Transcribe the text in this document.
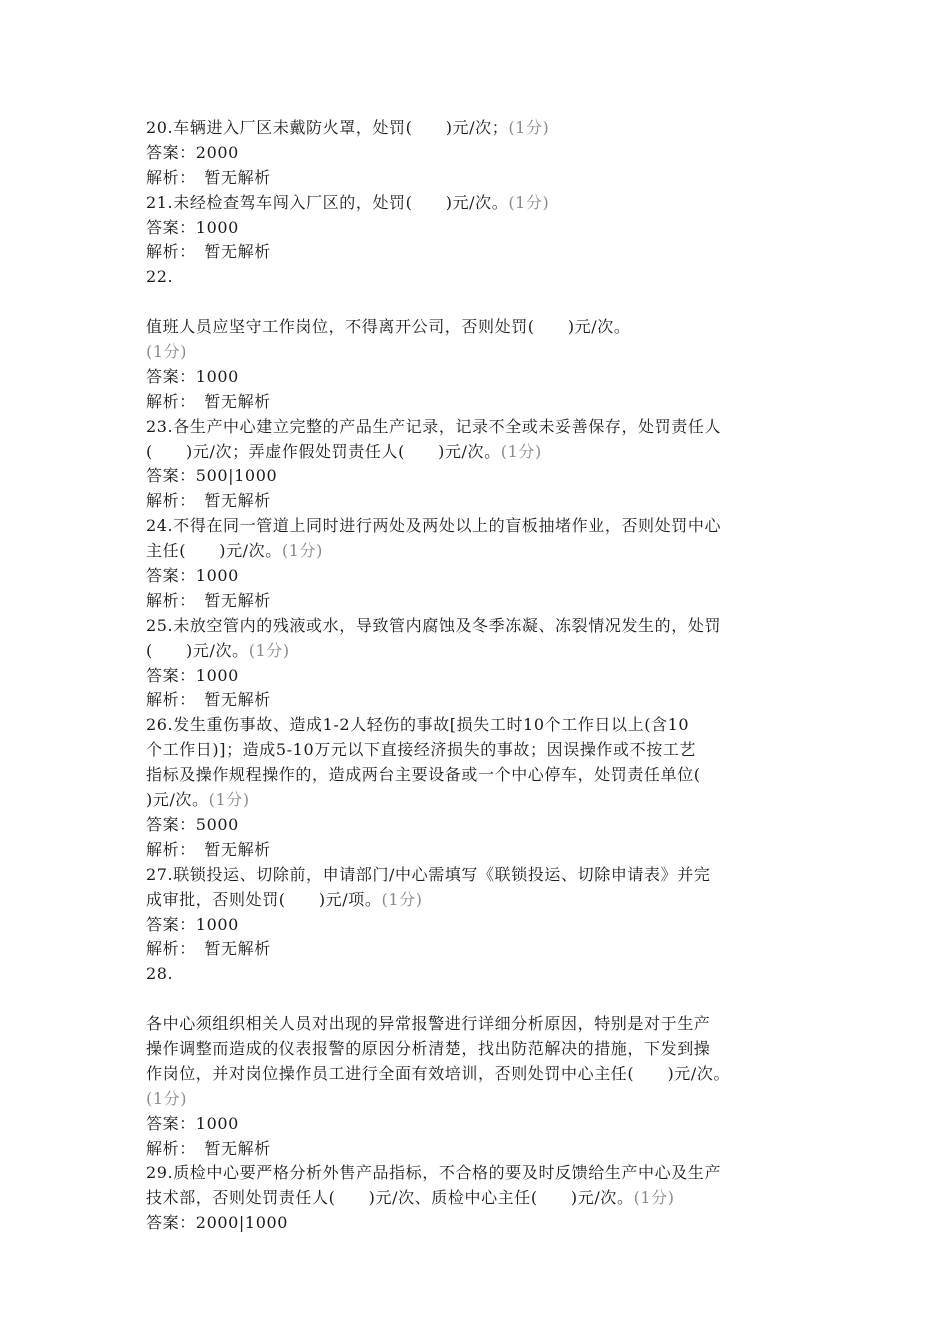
20.车辆进入厂区未戴防火罩，处罚(　　)元/次；(1分)
答案：2000
解析：　暂无解析
21.未经检查驾车闯入厂区的，处罚(　　)元/次。(1分)
答案：1000
解析：　暂无解析
22.
值班人员应坚守工作岗位，不得离开公司，否则处罚(　　)元/次。
(1分)
答案：1000
解析：　暂无解析
23.各生产中心建立完整的产品生产记录，记录不全或未妥善保存，处罚责任人
(　　)元/次；弄虚作假处罚责任人(　　)元/次。(1分)
答案：500|1000
解析：　暂无解析
24.不得在同一管道上同时进行两处及两处以上的盲板抽堵作业，否则处罚中心
主任(　　)元/次。(1分)
答案：1000
解析：　暂无解析
25.未放空管内的残液或水，导致管内腐蚀及冬季冻凝、冻裂情况发生的，处罚
(　　)元/次。(1分)
答案：1000
解析：　暂无解析
26.发生重伤事故、造成1-2人轻伤的事故[损失工时10个工作日以上(含10
个工作日)]；造成5-10万元以下直接经济损失的事故；因误操作或不按工艺
指标及操作规程操作的，造成两台主要设备或一个中心停车，处罚责任单位(
)元/次。(1分)
答案：5000
解析：　暂无解析
27.联锁投运、切除前，申请部门/中心需填写《联锁投运、切除申请表》并完
成审批，否则处罚(　　)元/项。(1分)
答案：1000
解析：　暂无解析
28.
各中心须组织相关人员对出现的异常报警进行详细分析原因，特别是对于生产
操作调整而造成的仪表报警的原因分析清楚，找出防范解决的措施，下发到操
作岗位，并对岗位操作员工进行全面有效培训，否则处罚中心主任(　　)元/次。
(1分)
答案：1000
解析：　暂无解析
29.质检中心要严格分析外售产品指标，不合格的要及时反馈给生产中心及生产
技术部，否则处罚责任人(　　)元/次、质检中心主任(　　)元/次。(1分)
答案：2000|1000
